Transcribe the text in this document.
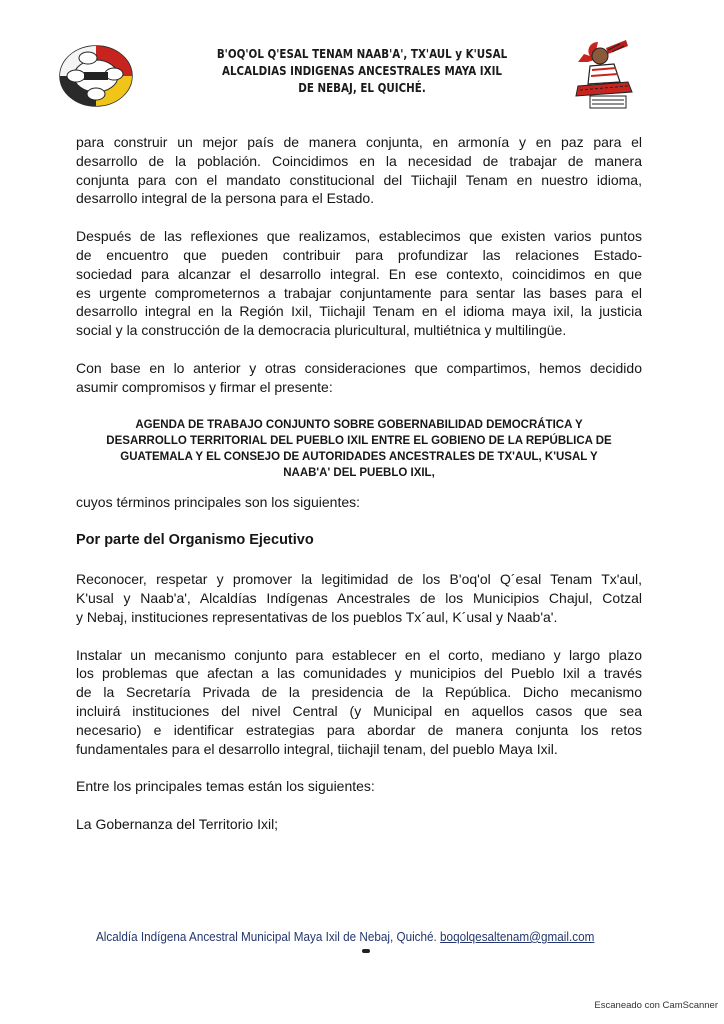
B'OQ'OL Q'ESAL TENAM NAAB'A', TX'AUL y K'USAL
ALCALDIAS INDIGENAS ANCESTRALES MAYA IXIL
DE NEBAJ, EL QUICHÉ.

para construir un mejor país de manera conjunta, en armonía y en paz para el

desarrollo de la población. Coincidimos en la necesidad de trabajar de manera

conjunta para con el mandato constitucional del Tiichajil Tenam en nuestro idioma,

desarrollo integral de la persona para el Estado.

Después de las reflexiones que realizamos, establecimos que existen varios puntos

de encuentro que pueden contribuir para profundizar las relaciones Estado-

sociedad para alcanzar el desarrollo integral. En ese contexto, coincidimos en que

es urgente comprometernos a trabajar conjuntamente para sentar las bases para el

desarrollo integral en la Región Ixil, Tiichajil Tenam en el idioma maya ixil, la justicia

social y la construcción de la democracia pluricultural, multiétnica y multilingüe.

Con base en lo anterior y otras consideraciones que compartimos, hemos decidido

asumir compromisos y firmar el presente:

AGENDA DE TRABAJO CONJUNTO SOBRE GOBERNABILIDAD DEMOCRÁTICA Y
DESARROLLO TERRITORIAL DEL PUEBLO IXIL ENTRE EL GOBIENO DE LA REPÚBLICA DE
GUATEMALA Y EL CONSEJO DE AUTORIDADES ANCESTRALES DE TX'AUL, K'USAL Y
NAAB'A' DEL PUEBLO IXIL,

cuyos términos principales son los siguientes:

Por parte del Organismo Ejecutivo

Reconocer, respetar y promover la legitimidad de los B'oq'ol Q´esal Tenam Tx'aul,

K'usal y Naab'a', Alcaldías Indígenas Ancestrales de los Municipios Chajul, Cotzal

y Nebaj, instituciones representativas de los pueblos Tx´aul, K´usal y Naab'a'.

Instalar un mecanismo conjunto para establecer en el corto, mediano y largo plazo

los problemas que afectan a las comunidades y municipios del Pueblo Ixil a través

de la Secretaría Privada de la presidencia de la República. Dicho mecanismo

incluirá instituciones del nivel Central (y Municipal en aquellos casos que sea

necesario) e identificar estrategias para abordar de manera conjunta los retos

fundamentales para el desarrollo integral, tiichajil tenam, del pueblo Maya Ixil.

Entre los principales temas están los siguientes:

La Gobernanza del Territorio Ixil;

Alcaldía Indígena Ancestral Municipal Maya Ixil de Nebaj, Quiché. boqolqesaltenam@gmail.com
Escaneado con CamScanner
